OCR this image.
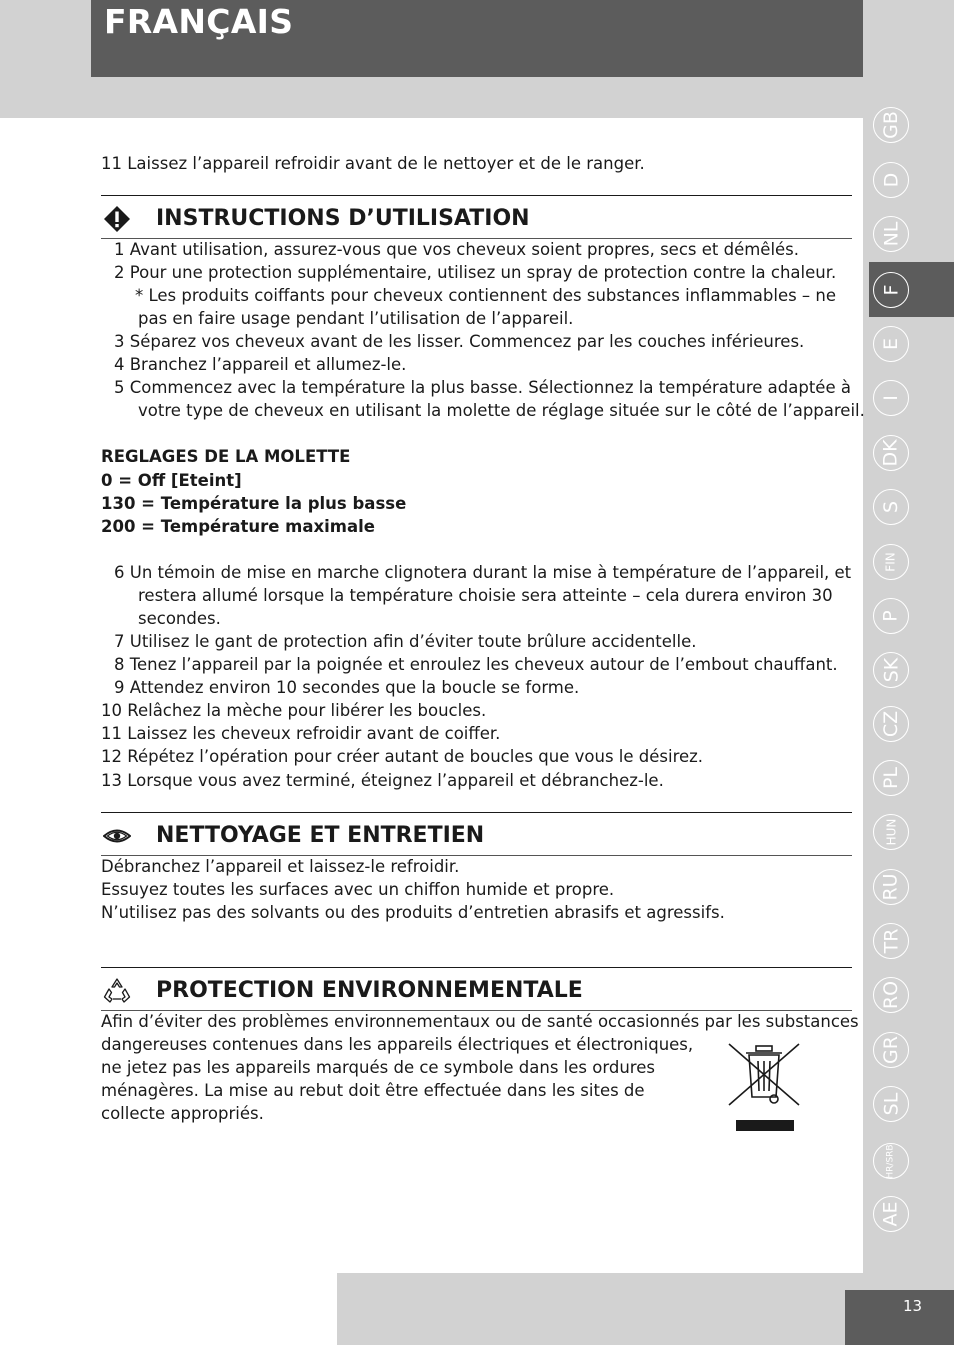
FRANÇAIS
GB
D
NL
F
E
I
DK
S
FIN
P
SK
CZ
PL
HUN
RU
TR
RO
GR
SL
HR/SRB
AE
13
11 Laissez l’appareil refroidir avant de le nettoyer et de le ranger.
INSTRUCTIONS D’UTILISATION
1 Avant utilisation, assurez-vous que vos cheveux soient propres, secs et démêlés.
2 Pour une protection supplémentaire, utilisez un spray de protection contre la chaleur.
* Les produits coiffants pour cheveux contiennent des substances inflammables – ne
pas en faire usage pendant l’utilisation de l’appareil.
3 Séparez vos cheveux avant de les lisser. Commencez par les couches inférieures.
4 Branchez l’appareil et allumez-le.
5 Commencez avec la température la plus basse. Sélectionnez la température adaptée à
votre type de cheveux en utilisant la molette de réglage située sur le côté de l’appareil.
REGLAGES DE LA MOLETTE
0 = Off [Eteint]
130 = Température la plus basse
200 = Température maximale
6 Un témoin de mise en marche clignotera durant la mise à température de l’appareil, et
restera allumé lorsque la température choisie sera atteinte – cela durera environ 30
secondes.
7 Utilisez le gant de protection afin d’éviter toute brûlure accidentelle.
8 Tenez l’appareil par la poignée et enroulez les cheveux autour de l’embout chauffant.
9 Attendez environ 10 secondes que la boucle se forme.
10 Relâchez la mèche pour libérer les boucles.
11 Laissez les cheveux refroidir avant de coiffer.
12 Répétez l’opération pour créer autant de boucles que vous le désirez.
13 Lorsque vous avez terminé, éteignez l’appareil et débranchez-le.
NETTOYAGE ET ENTRETIEN
Débranchez l’appareil et laissez-le refroidir.
Essuyez toutes les surfaces avec un chiffon humide et propre.
N’utilisez pas des solvants ou des produits d’entretien abrasifs et agressifs.
PROTECTION ENVIRONNEMENTALE
Afin d’éviter des problèmes environnementaux ou de santé occasionnés par les substances
dangereuses contenues dans les appareils électriques et électroniques,
ne jetez pas les appareils marqués de ce symbole dans les ordures
ménagères. La mise au rebut doit être effectuée dans les sites de
collecte appropriés.
